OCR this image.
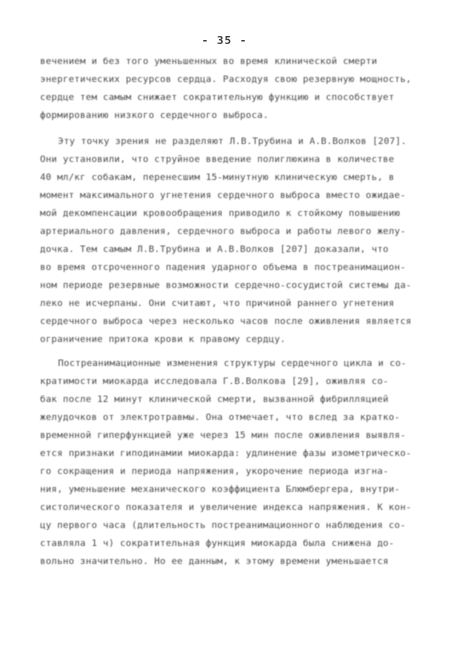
- 35 -
вечением и без того уменьшенных во время клинической смерти
энергетических ресурсов сердца. Расходуя свою резервную мощность,
сердце тем самым снижает сократительную функцию и способствует
формированию низкого сердечного выброса.
Эту точку зрения не разделяют Л.В.Трубина и А.В.Волков [207].
Они установили, что струйное введение полиглюкина в количестве
40 мл/кг собакам, перенесшим 15-минутную клиническую смерть, в
момент максимального угнетения сердечного выброса вместо ожидае-
мой декомпенсации кровообращения приводило к стойкому повышению
артериального давления, сердечного выброса и работы левого желу-
дочка. Тем самым Л.В.Трубина и А.В.Волков [207] доказали, что
во время отсроченного падения ударного объема в постреанимацион-
ном периоде резервные возможности сердечно-сосудистой системы да-
леко не исчерпаны. Они считают, что причиной раннего угнетения
сердечного выброса через несколько часов после оживления является
ограничение притока крови к правому сердцу.
Постреанимационные изменения структуры сердечного цикла и со-
кратимости миокарда исследовала Г.В.Волкова [29], оживляя со-
бак после 12 минут клинической смерти, вызванной фибрилляцией
желудочков от электротравмы. Она отмечает, что вслед за кратко-
временной гиперфункцией уже через 15 мин после оживления выявля-
ется признаки гиподинамии миокарда: удлинение фазы изометрическо-
го сокращения и периода напряжения, укорочение периода изгна-
ния, уменьшение механического коэффициента Блюмбергера, внутри-
систолического показателя и увеличение индекса напряжения. К кон-
цу первого часа (длительность постреанимационного наблюдения со-
ставляла 1 ч) сократительная функция миокарда была снижена до-
вольно значительно. Но ее данным, к этому времени уменьшается
